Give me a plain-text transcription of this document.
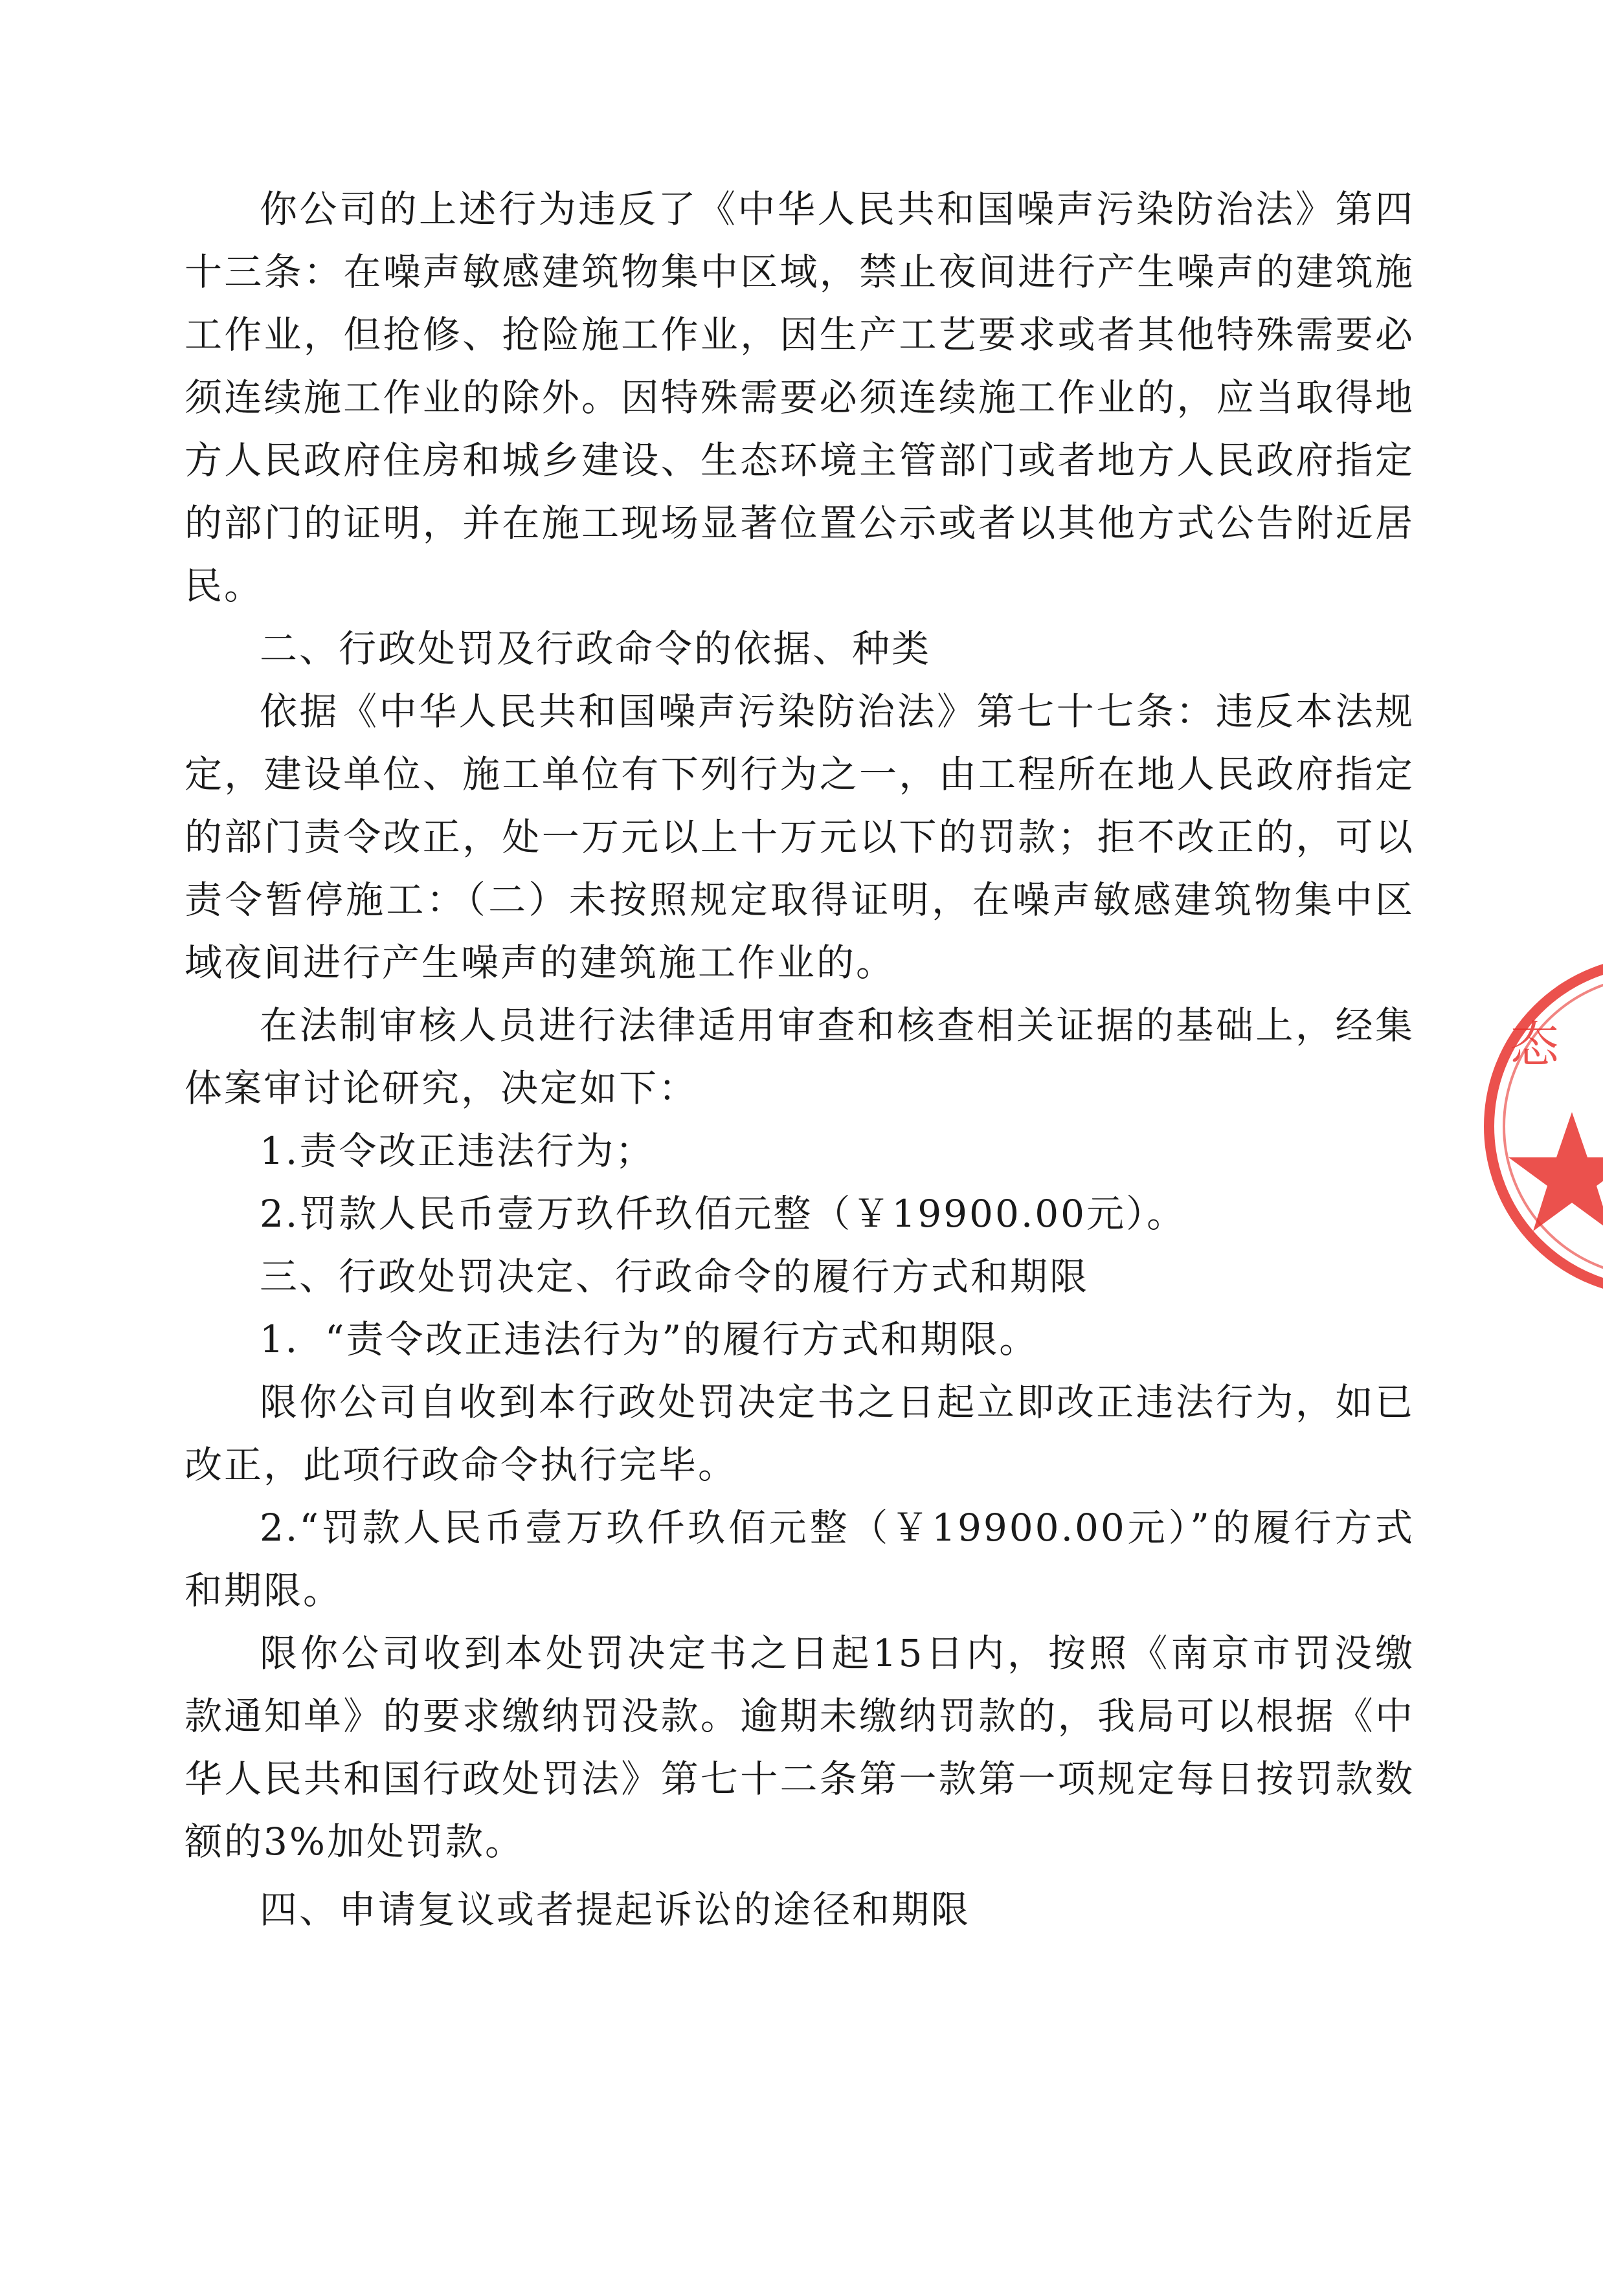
你公司的上述行为违反了《中华人民共和国噪声污染防治法》第四十三条：在噪声敏感建筑物集中区域，禁止夜间进行产生噪声的建筑施工作业，但抢修、抢险施工作业，因生产工艺要求或者其他特殊需要必须连续施工作业的除外。因特殊需要必须连续施工作业的，应当取得地方人民政府住房和城乡建设、生态环境主管部门或者地方人民政府指定的部门的证明，并在施工现场显著位置公示或者以其他方式公告附近居民。

二、行政处罚及行政命令的依据、种类

依据《中华人民共和国噪声污染防治法》第七十七条：违反本法规定，建设单位、施工单位有下列行为之一，由工程所在地人民政府指定的部门责令改正，处一万元以上十万元以下的罚款；拒不改正的，可以责令暂停施工：（二）未按照规定取得证明，在噪声敏感建筑物集中区域夜间进行产生噪声的建筑施工作业的。

在法制审核人员进行法律适用审查和核查相关证据的基础上，经集体案审讨论研究，决定如下：

1.责令改正违法行为；

2.罚款人民币壹万玖仟玖佰元整（￥19900.00元）。

三、行政处罚决定、行政命令的履行方式和期限

1．“责令改正违法行为”的履行方式和期限。

限你公司自收到本行政处罚决定书之日起立即改正违法行为，如已改正，此项行政命令执行完毕。

2.“罚款人民币壹万玖仟玖佰元整（￥19900.00元）”的履行方式和期限。

限你公司收到本处罚决定书之日起15日内，按照《南京市罚没缴款通知单》的要求缴纳罚没款。逾期未缴纳罚款的，我局可以根据《中华人民共和国行政处罚法》第七十二条第一款第一项规定每日按罚款数额的3%加处罚款。

四、申请复议或者提起诉讼的途径和期限
态
